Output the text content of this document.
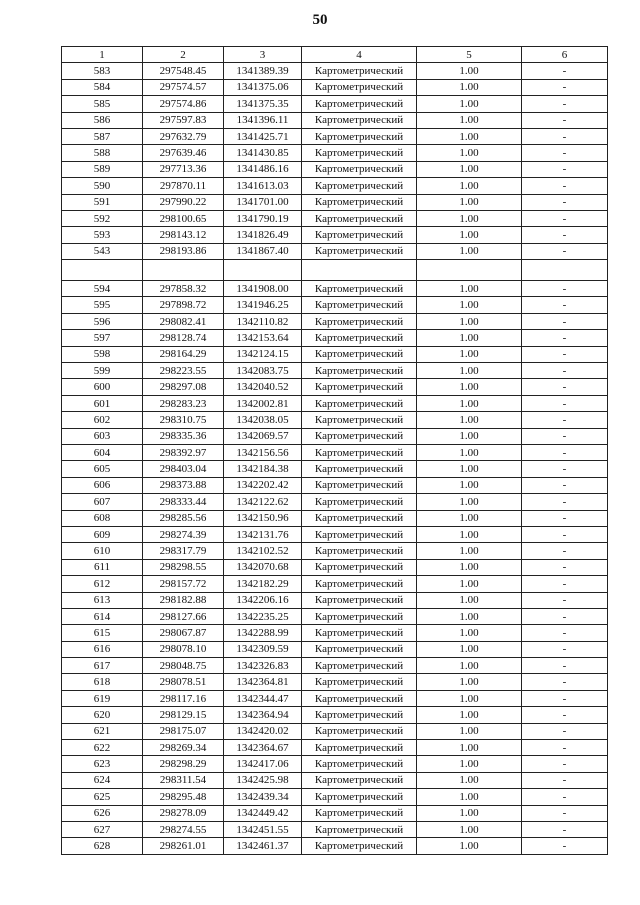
50
1	2	3	4	5	6
583	297548.45	1341389.39	Картометрический	1.00	-
584	297574.57	1341375.06	Картометрический	1.00	-
585	297574.86	1341375.35	Картометрический	1.00	-
586	297597.83	1341396.11	Картометрический	1.00	-
587	297632.79	1341425.71	Картометрический	1.00	-
588	297639.46	1341430.85	Картометрический	1.00	-
589	297713.36	1341486.16	Картометрический	1.00	-
590	297870.11	1341613.03	Картометрический	1.00	-
591	297990.22	1341701.00	Картометрический	1.00	-
592	298100.65	1341790.19	Картометрический	1.00	-
593	298143.12	1341826.49	Картометрический	1.00	-
543	298193.86	1341867.40	Картометрический	1.00	-

594	297858.32	1341908.00	Картометрический	1.00	-
595	297898.72	1341946.25	Картометрический	1.00	-
596	298082.41	1342110.82	Картометрический	1.00	-
597	298128.74	1342153.64	Картометрический	1.00	-
598	298164.29	1342124.15	Картометрический	1.00	-
599	298223.55	1342083.75	Картометрический	1.00	-
600	298297.08	1342040.52	Картометрический	1.00	-
601	298283.23	1342002.81	Картометрический	1.00	-
602	298310.75	1342038.05	Картометрический	1.00	-
603	298335.36	1342069.57	Картометрический	1.00	-
604	298392.97	1342156.56	Картометрический	1.00	-
605	298403.04	1342184.38	Картометрический	1.00	-
606	298373.88	1342202.42	Картометрический	1.00	-
607	298333.44	1342122.62	Картометрический	1.00	-
608	298285.56	1342150.96	Картометрический	1.00	-
609	298274.39	1342131.76	Картометрический	1.00	-
610	298317.79	1342102.52	Картометрический	1.00	-
611	298298.55	1342070.68	Картометрический	1.00	-
612	298157.72	1342182.29	Картометрический	1.00	-
613	298182.88	1342206.16	Картометрический	1.00	-
614	298127.66	1342235.25	Картометрический	1.00	-
615	298067.87	1342288.99	Картометрический	1.00	-
616	298078.10	1342309.59	Картометрический	1.00	-
617	298048.75	1342326.83	Картометрический	1.00	-
618	298078.51	1342364.81	Картометрический	1.00	-
619	298117.16	1342344.47	Картометрический	1.00	-
620	298129.15	1342364.94	Картометрический	1.00	-
621	298175.07	1342420.02	Картометрический	1.00	-
622	298269.34	1342364.67	Картометрический	1.00	-
623	298298.29	1342417.06	Картометрический	1.00	-
624	298311.54	1342425.98	Картометрический	1.00	-
625	298295.48	1342439.34	Картометрический	1.00	-
626	298278.09	1342449.42	Картометрический	1.00	-
627	298274.55	1342451.55	Картометрический	1.00	-
628	298261.01	1342461.37	Картометрический	1.00	-
